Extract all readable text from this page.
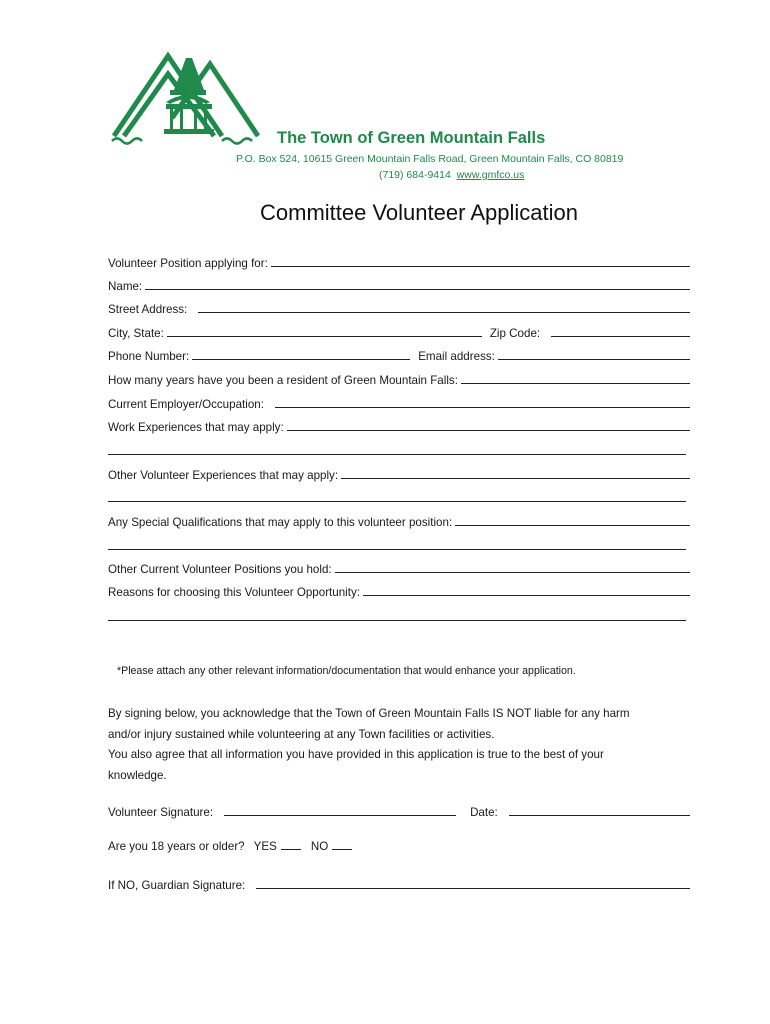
The Town of Green Mountain Falls
P.O. Box 524, 10615 Green Mountain Falls Road, Green Mountain Falls, CO 80819
(719) 684-9414 www.gmfco.us
Committee Volunteer Application
Volunteer Position applying for:
Name:
Street Address:
City, State:	Zip Code:
Phone Number:	Email address:
How many years have you been a resident of Green Mountain Falls:
Current Employer/Occupation:
Work Experiences that may apply:
Other Volunteer Experiences that may apply:
Any Special Qualifications that may apply to this volunteer position:
Other Current Volunteer Positions you hold:
Reasons for choosing this Volunteer Opportunity:
*Please attach any other relevant information/documentation that would enhance your application.
By signing below, you acknowledge that the Town of Green Mountain Falls IS NOT liable for any harm
and/or injury sustained while volunteering at any Town facilities or activities.
You also agree that all information you have provided in this application is true to the best of your
knowledge.
Volunteer Signature:	Date:
Are you 18 years or older? YES	NO
If NO, Guardian Signature:
